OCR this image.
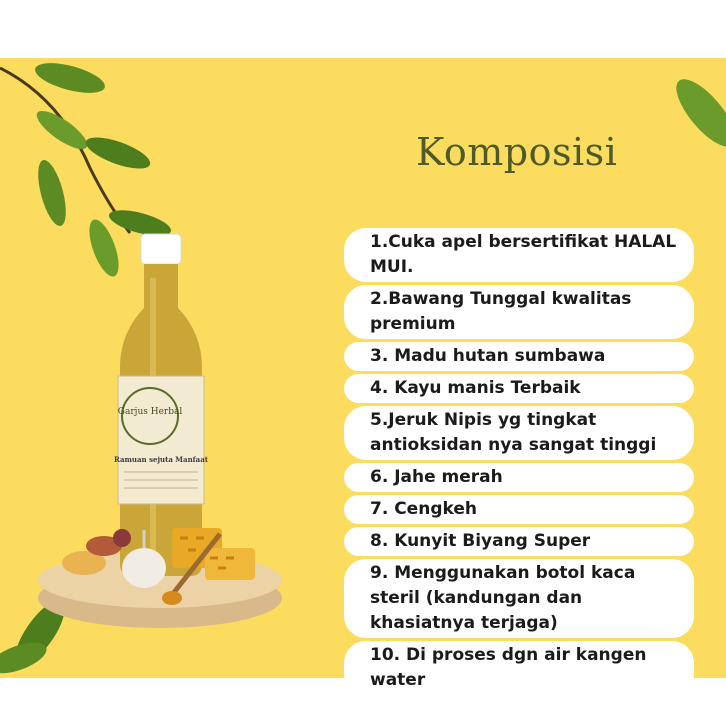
Garjus Herbal
Ramuan sejuta Manfaat
Komposisi
1.Cuka apel bersertifikat HALAL MUI.
2.Bawang Tunggal kwalitas premium
3. Madu hutan sumbawa
4. Kayu manis Terbaik
5.Jeruk Nipis yg tingkat antioksidan nya sangat tinggi
6. Jahe merah
7. Cengkeh
8. Kunyit Biyang Super
9. Menggunakan botol kaca steril (kandungan dan khasiatnya terjaga)
10. Di proses dgn air kangen water
